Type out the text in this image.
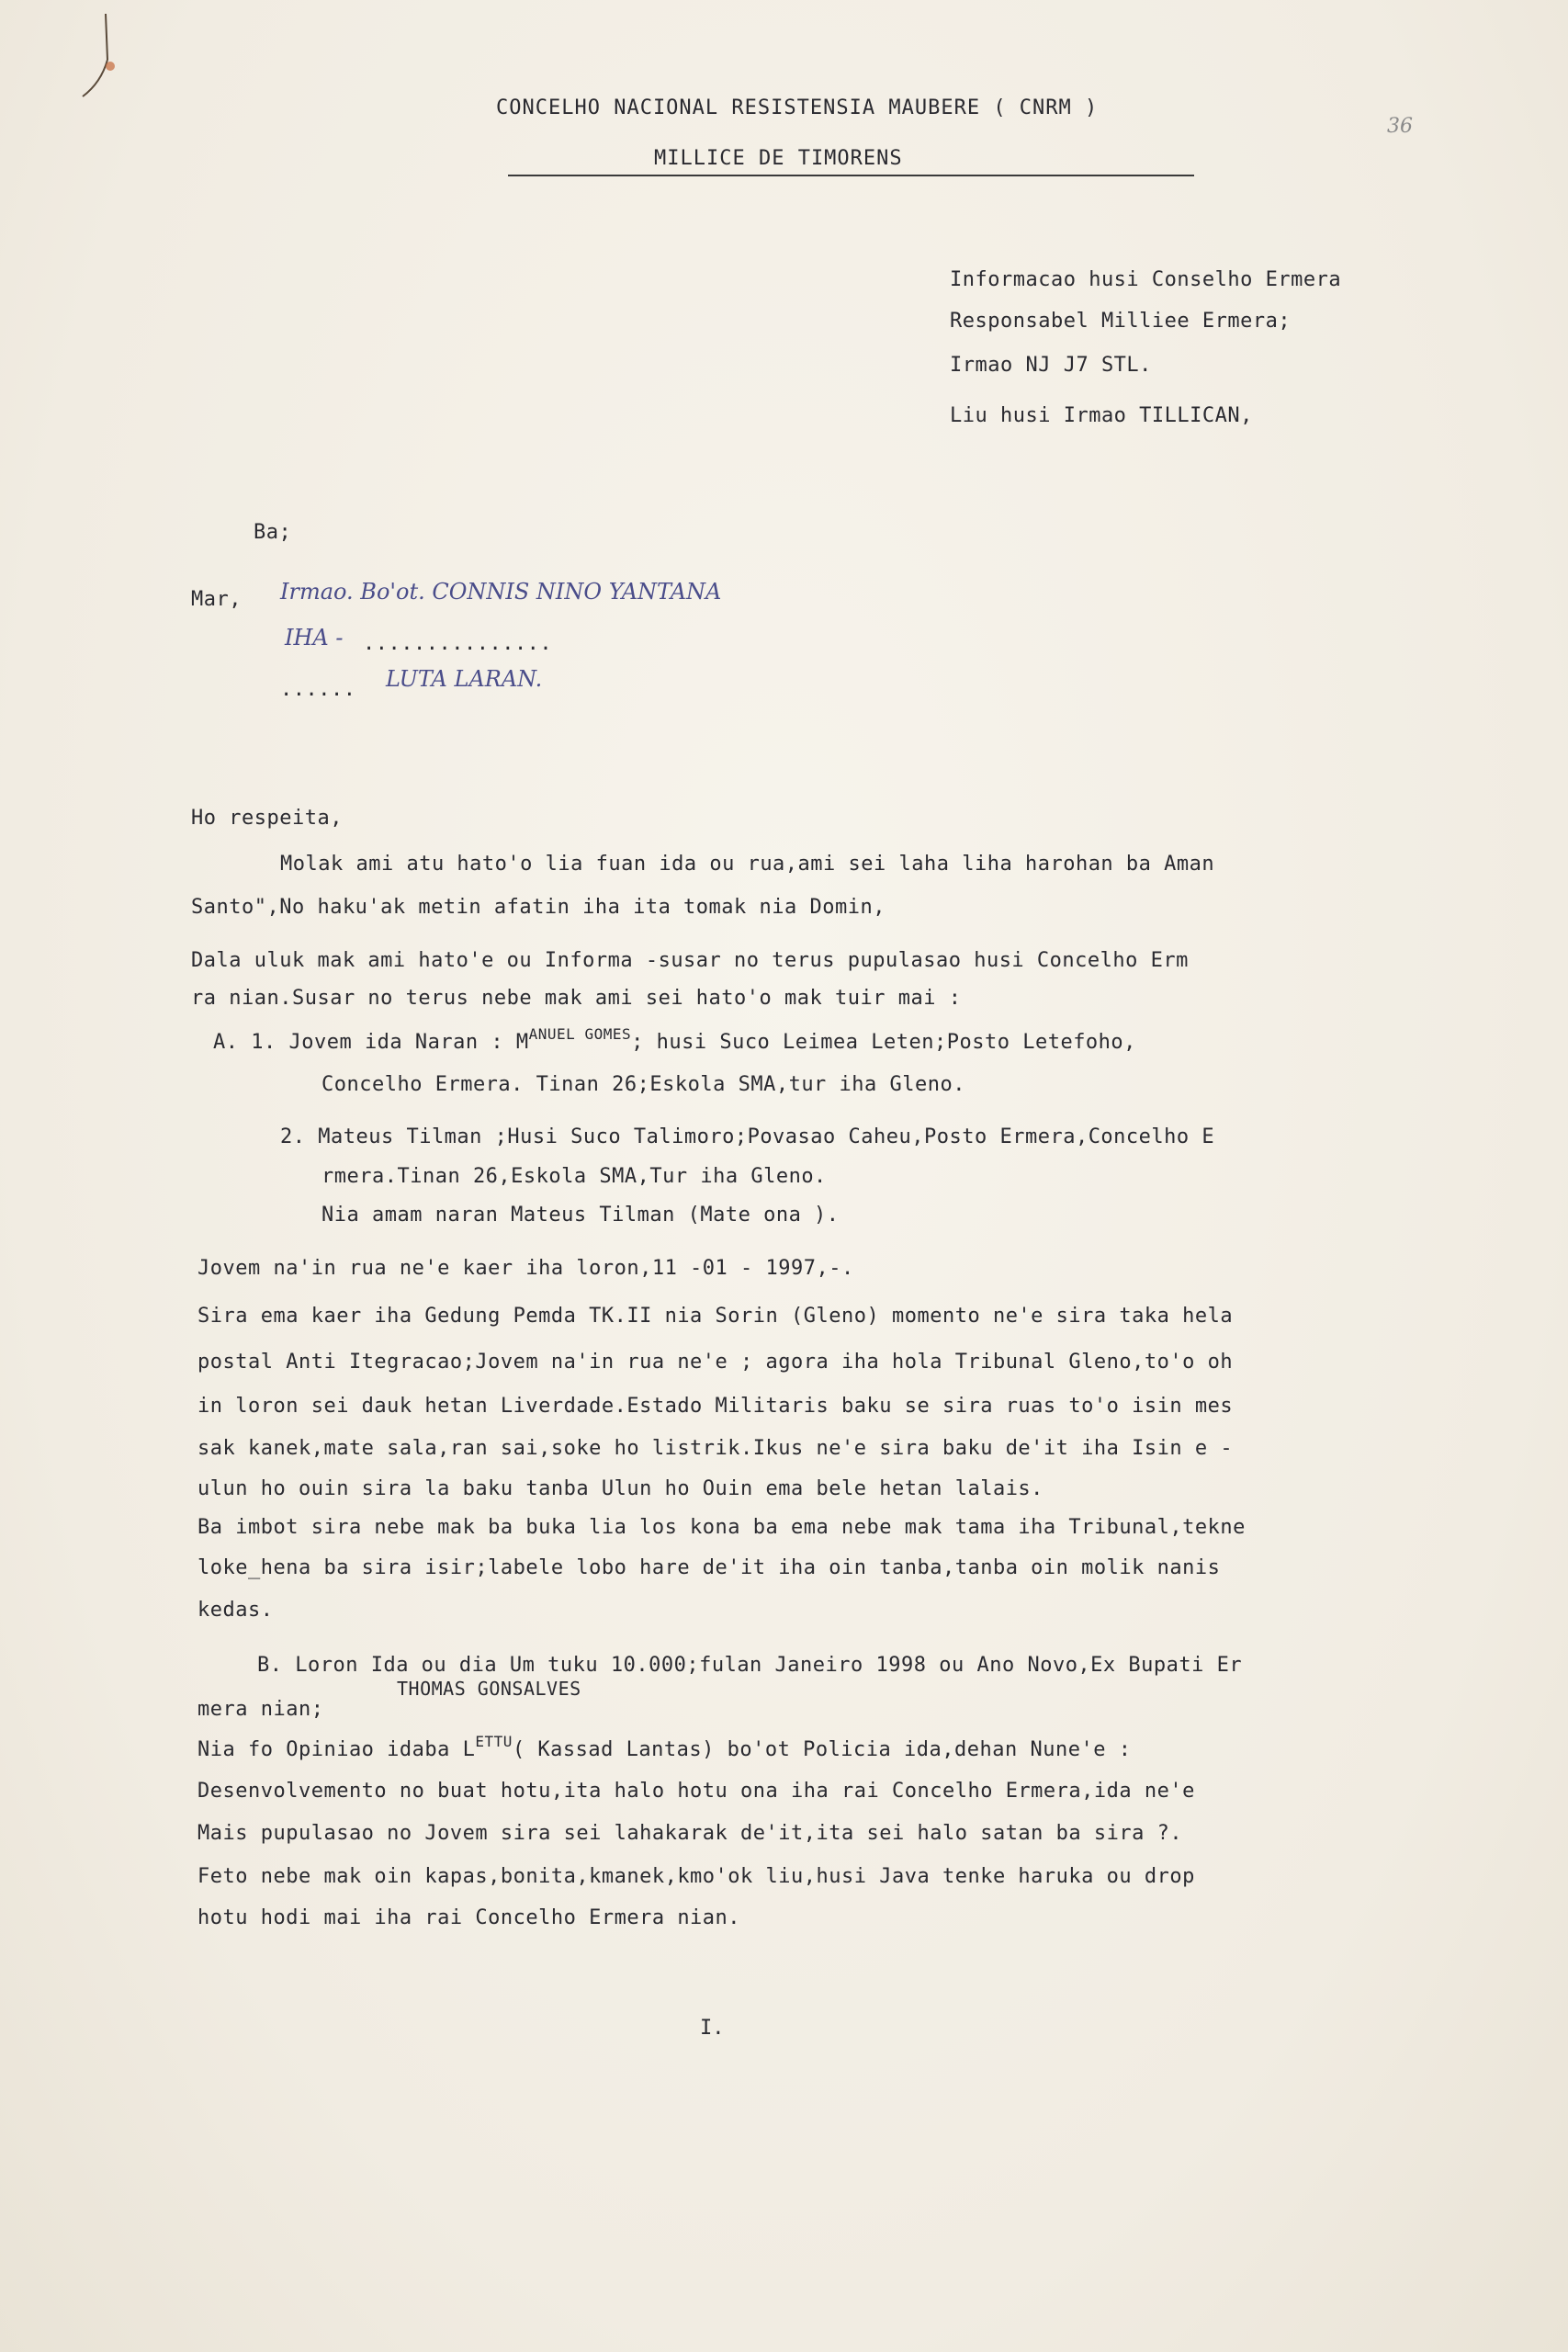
CONCELHO NACIONAL RESISTENSIA MAUBERE ( CNRM )
MILLICE DE TIMORENS
36
Informacao husi Conselho Ermera
Responsabel Milliee Ermera;
Irmao NJ J7 STL.
Liu husi Irmao TILLICAN,
Ba;
Mar, Irmao. Bo'ot. CONNIS NINO YANTANA
IHA - ...............
...... LUTA LARAN.
Ho respeita,
Molak ami atu hato'o lia fuan ida ou rua,ami sei laha liha harohan ba Aman
Santo",No haku'ak metin afatin iha ita tomak nia Domin,
Dala uluk mak ami hato'e ou Informa -susar no terus pupulasao husi Concelho Erm
ra nian.Susar no terus nebe mak ami sei hato'o mak tuir mai :
A. 1. Jovem ida Naran : $M^{ANUEL GOMES}$; husi Suco Leimea Leten;Posto Letefoho,
Concelho Ermera. Tinan 26;Eskola SMA,tur iha Gleno.
2. Mateus Tilman ;Husi Suco Talimoro;Povasao Caheu,Posto Ermera,Concelho E
rmera.Tinan 26,Eskola SMA,Tur iha Gleno.
Nia amam naran Mateus Tilman (Mate ona ).
Jovem na'in rua ne'e kaer iha loron,11 -01 - 1997,-.
Sira ema kaer iha Gedung Pemda TK.II nia Sorin (Gleno) momento ne'e sira taka hela
postal Anti Itegracao;Jovem na'in rua ne'e ; agora iha hola Tribunal Gleno,to'o oh
in loron sei dauk hetan Liverdade.Estado Militaris baku se sira ruas to'o isin mes
sak kanek,mate sala,ran sai,soke ho listrik.Ikus ne'e sira baku de'it iha Isin e -
ulun ho ouin sira la baku tanba Ulun ho Ouin ema bele hetan lalais.
Ba imbot sira nebe mak ba buka lia los kona ba ema nebe mak tama iha Tribunal,tekne
loke_hena ba sira isir;labele lobo hare de'it iha oin tanba,tanba oin molik nanis
kedas.
B. Loron Ida ou dia Um tuku 10.000;fulan Janeiro 1998 ou Ano Novo,Ex Bupati Er
mera nian;
THOMAS GONSALVES
Nia fo Opiniao idaba $L^{ETTU}$( Kassad Lantas) bo'ot Policia ida,dehan Nune'e :
Desenvolvemento no buat hotu,ita halo hotu ona iha rai Concelho Ermera,ida ne'e
Mais pupulasao no Jovem sira sei lahakarak de'it,ita sei halo satan ba sira ?.
Feto nebe mak oin kapas,bonita,kmanek,kmo'ok liu,husi Java tenke haruka ou drop
hotu hodi mai iha rai Concelho Ermera nian.
I.
